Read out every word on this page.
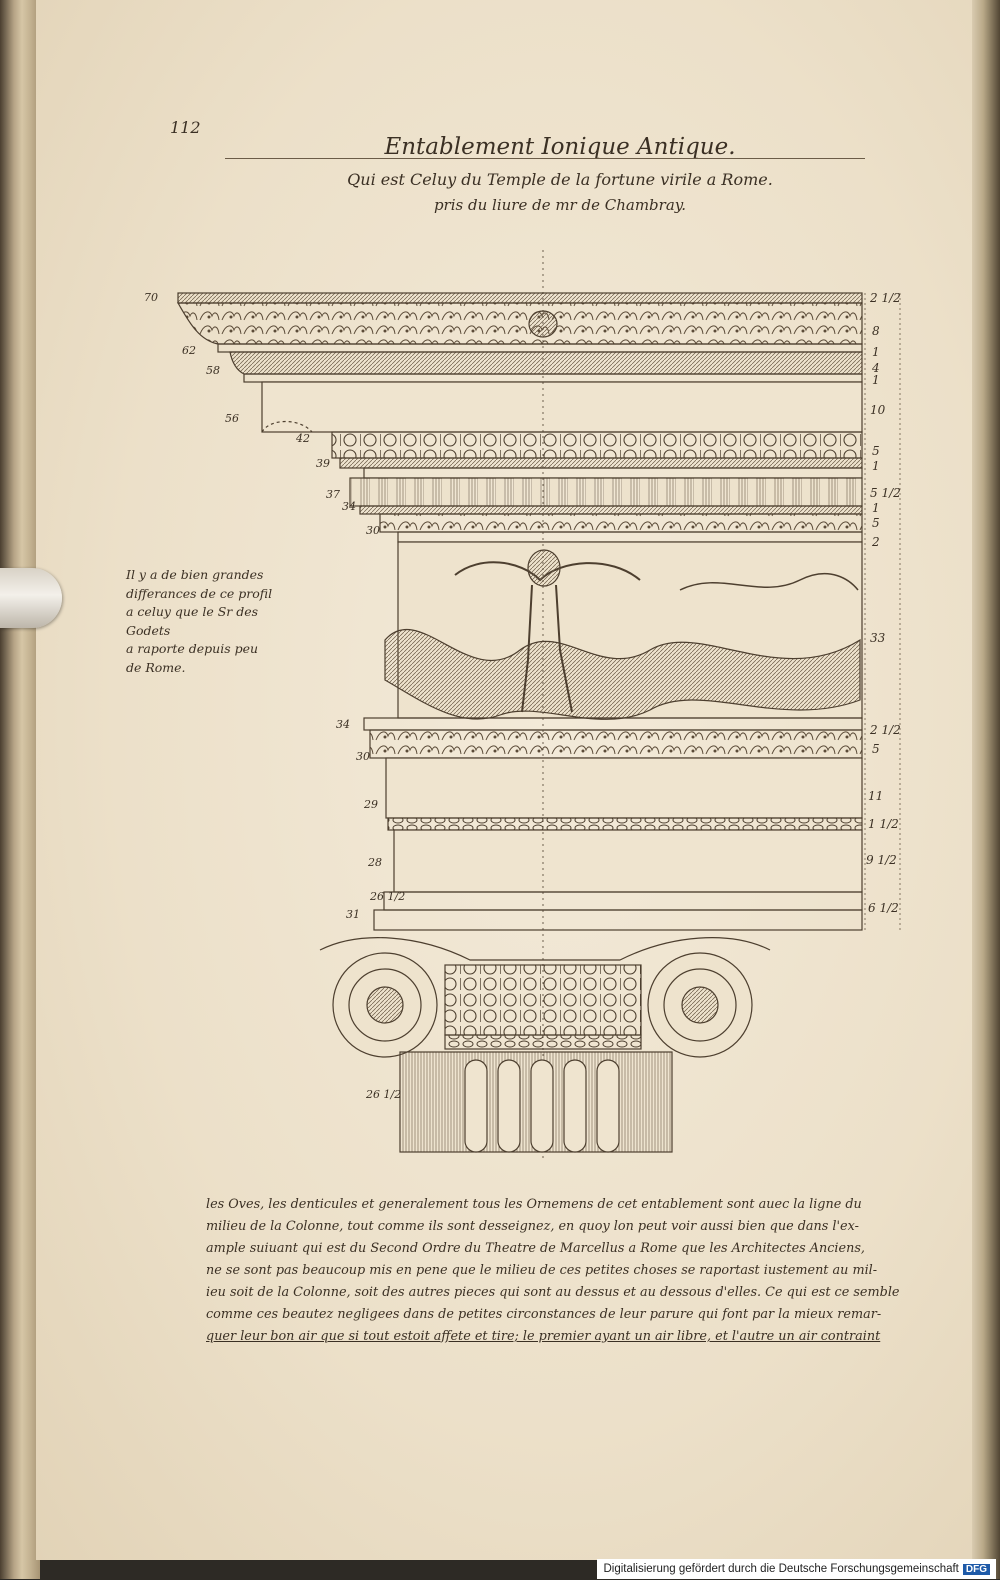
112
Entablement Ionique Antique.
Qui est Celuy du Temple de la fortune virile a Rome.
pris du liure de mr de Chambray.
70
62
58
56
42
39
37
34
30
34
30
29
28
26 1/2
31
26 1/2
2 1/2
8
1
4
1
10
5
1
5 1/2
1
5
2
33
2 1/2
5
11
1 1/2
9 1/2
6 1/2
Il y a de bien grandes
differances de ce profil
a celuy que le Sr des Godets
a raporte depuis peu
de Rome.
les Oves, les denticules et generalement tous les Ornemens de cet entablement sont auec la ligne du
milieu de la Colonne, tout comme ils sont desseignez, en quoy lon peut voir aussi bien que dans l'ex-
ample suiuant qui est du Second Ordre du Theatre de Marcellus a Rome que les Architectes Anciens,
ne se sont pas beaucoup mis en pene que le milieu de ces petites choses se raportast iustement au mil-
ieu soit de la Colonne, soit des autres pieces qui sont au dessus et au dessous d'elles. Ce qui est ce semble
comme ces beautez negligees dans de petites circonstances de leur parure qui font par la mieux remar-
quer leur bon air que si tout estoit affete et tire; le premier ayant un air libre, et l'autre un air contraint
Digitalisierung gefördert durch die Deutsche Forschungsgemeinschaft DFG
